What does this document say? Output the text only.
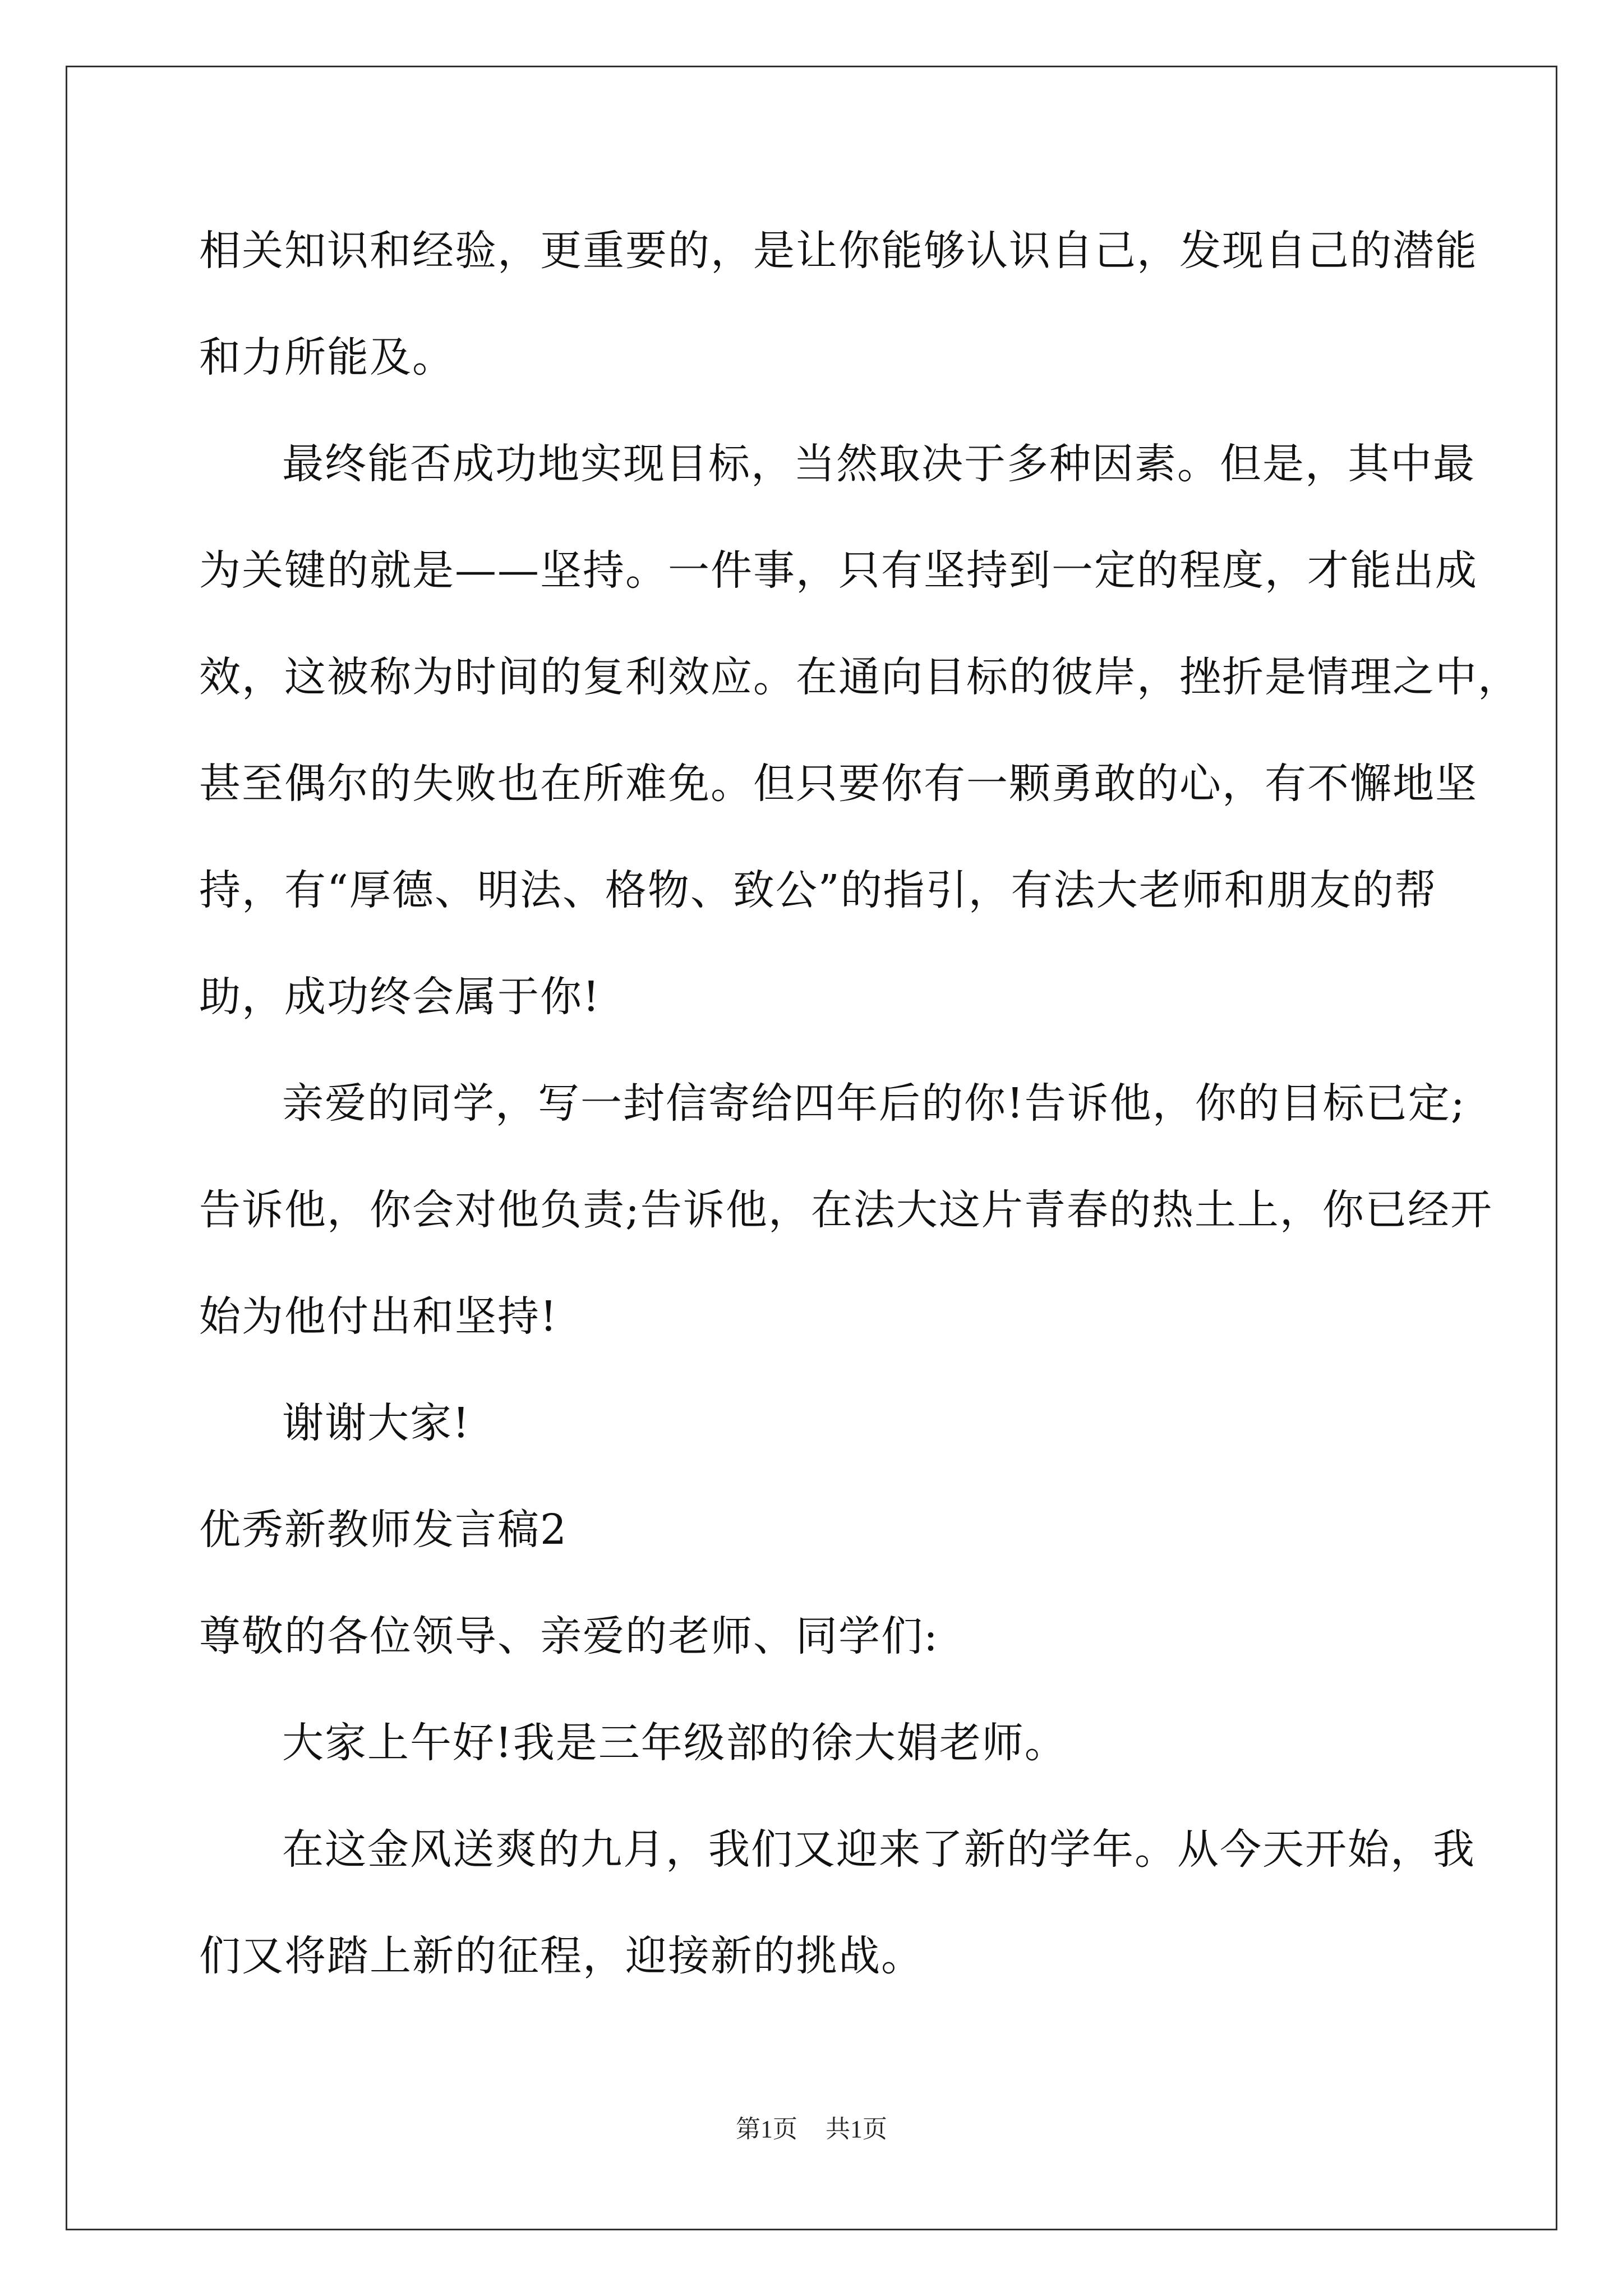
相关知识和经验，更重要的，是让你能够认识自己，发现自己的潜能

和力所能及。

最终能否成功地实现目标，当然取决于多种因素。但是，其中最

为关键的就是——坚持。一件事，只有坚持到一定的程度，才能出成

效，这被称为时间的复利效应。在通向目标的彼岸，挫折是情理之中，

甚至偶尔的失败也在所难免。但只要你有一颗勇敢的心，有不懈地坚

持，有“厚德、明法、格物、致公”的指引，有法大老师和朋友的帮

助，成功终会属于你!

亲爱的同学，写一封信寄给四年后的你!告诉他，你的目标已定;

告诉他，你会对他负责;告诉他，在法大这片青春的热土上，你已经开

始为他付出和坚持!

谢谢大家!

优秀新教师发言稿2

尊敬的各位领导、亲爱的老师、同学们:

大家上午好!我是三年级部的徐大娟老师。

在这金风送爽的九月，我们又迎来了新的学年。从今天开始，我

们又将踏上新的征程，迎接新的挑战。

第1页 共1页
